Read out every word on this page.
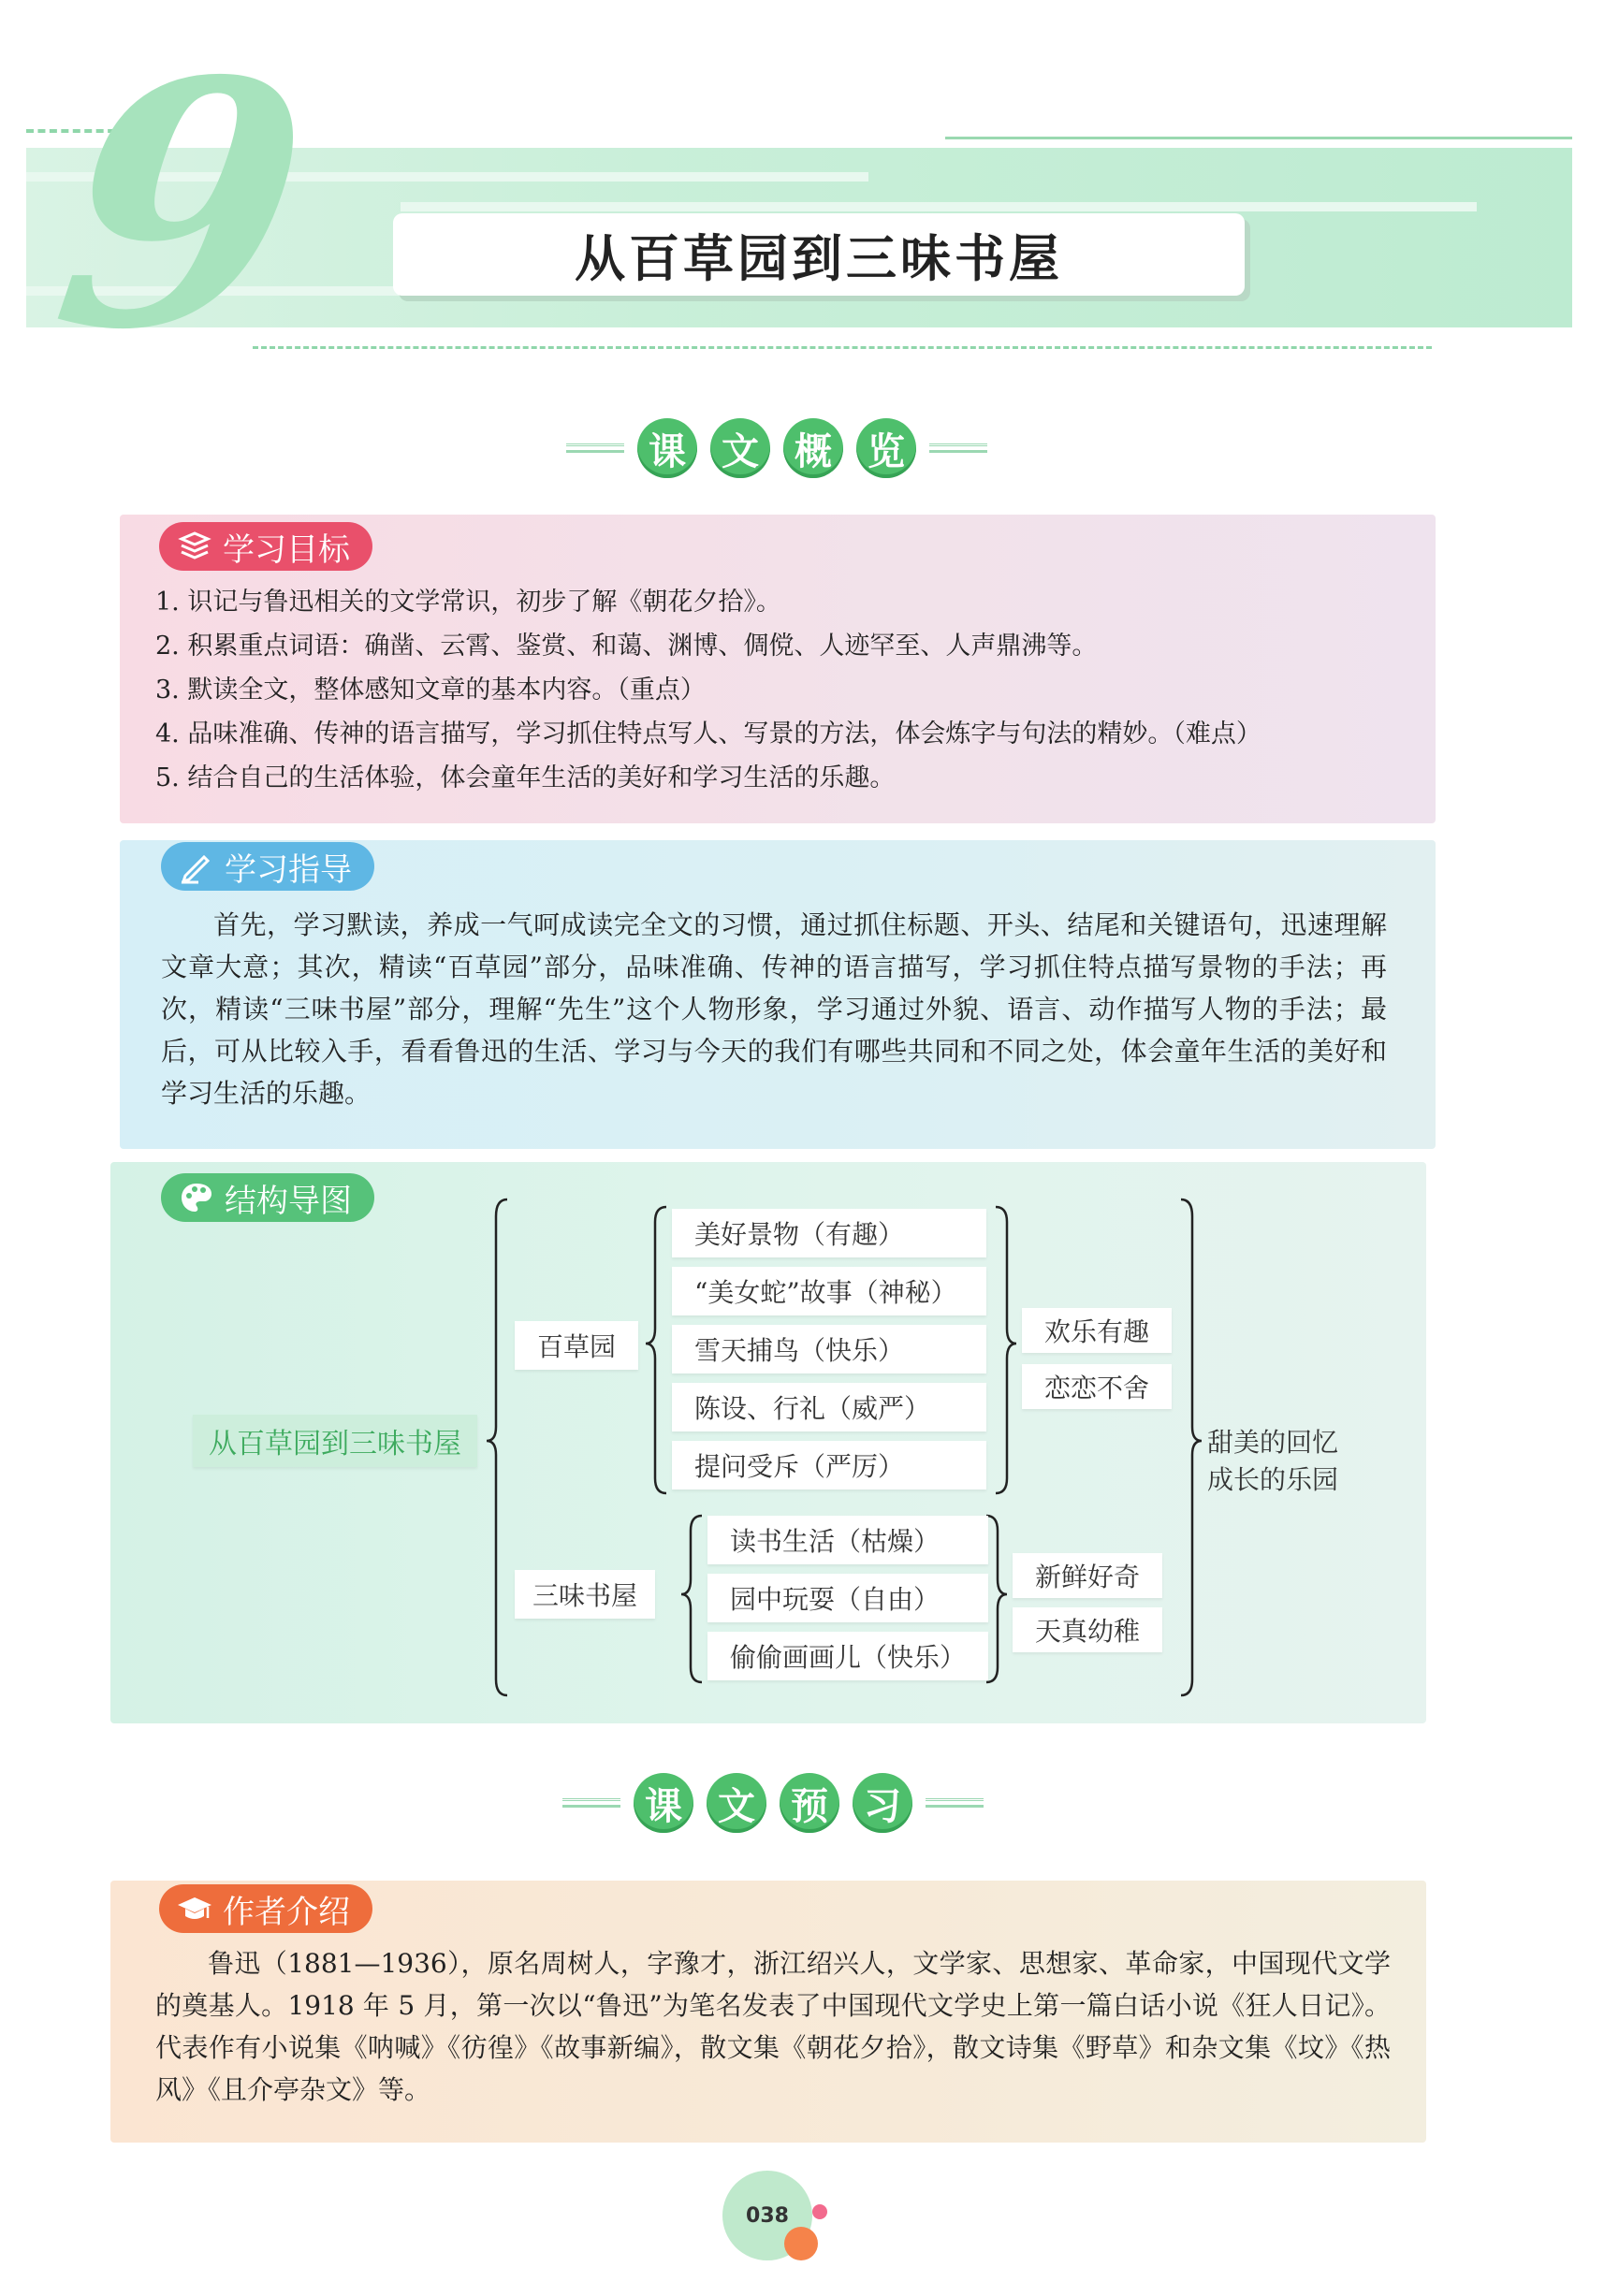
9	从百草园到三味书屋
课 文 概 览
学习目标
1. 识记与鲁迅相关的文学常识，初步了解《朝花夕拾》。
2. 积累重点词语：确凿、云霄、鉴赏、和蔼、渊博、倜傥、人迹罕至、人声鼎沸等。
3. 默读全文，整体感知文章的基本内容。（重点）
4. 品味准确、传神的语言描写，学习抓住特点写人、写景的方法，体会炼字与句法的精妙。（难点）
5. 结合自己的生活体验，体会童年生活的美好和学习生活的乐趣。
学习指导
首先，学习默读，养成一气呵成读完全文的习惯，通过抓住标题、开头、结尾和关键语句，迅速理解文章大意；其次，精读“百草园”部分，品味准确、传神的语言描写，学习抓住特点描写景物的手法；再次，精读“三味书屋”部分，理解“先生”这个人物形象，学习通过外貌、语言、动作描写人物的手法；最后，可从比较入手，看看鲁迅的生活、学习与今天的我们有哪些共同和不同之处，体会童年生活的美好和学习生活的乐趣。
结构导图
从百草园到三味书屋
百草园
美好景物（有趣）
“美女蛇”故事（神秘）
雪天捕鸟（快乐）
陈设、行礼（威严）
提问受斥（严厉）
欢乐有趣
恋恋不舍
三味书屋
读书生活（枯燥）
园中玩耍（自由）
偷偷画画儿（快乐）
新鲜好奇
天真幼稚
甜美的回忆
成长的乐园
课 文 预 习
作者介绍
鲁迅（1881—1936），原名周树人，字豫才，浙江绍兴人，文学家、思想家、革命家，中国现代文学的奠基人。1918 年 5 月，第一次以“鲁迅”为笔名发表了中国现代文学史上第一篇白话小说《狂人日记》。代表作有小说集《呐喊》《彷徨》《故事新编》，散文集《朝花夕拾》，散文诗集《野草》和杂文集《坟》《热风》《且介亭杂文》等。
038
